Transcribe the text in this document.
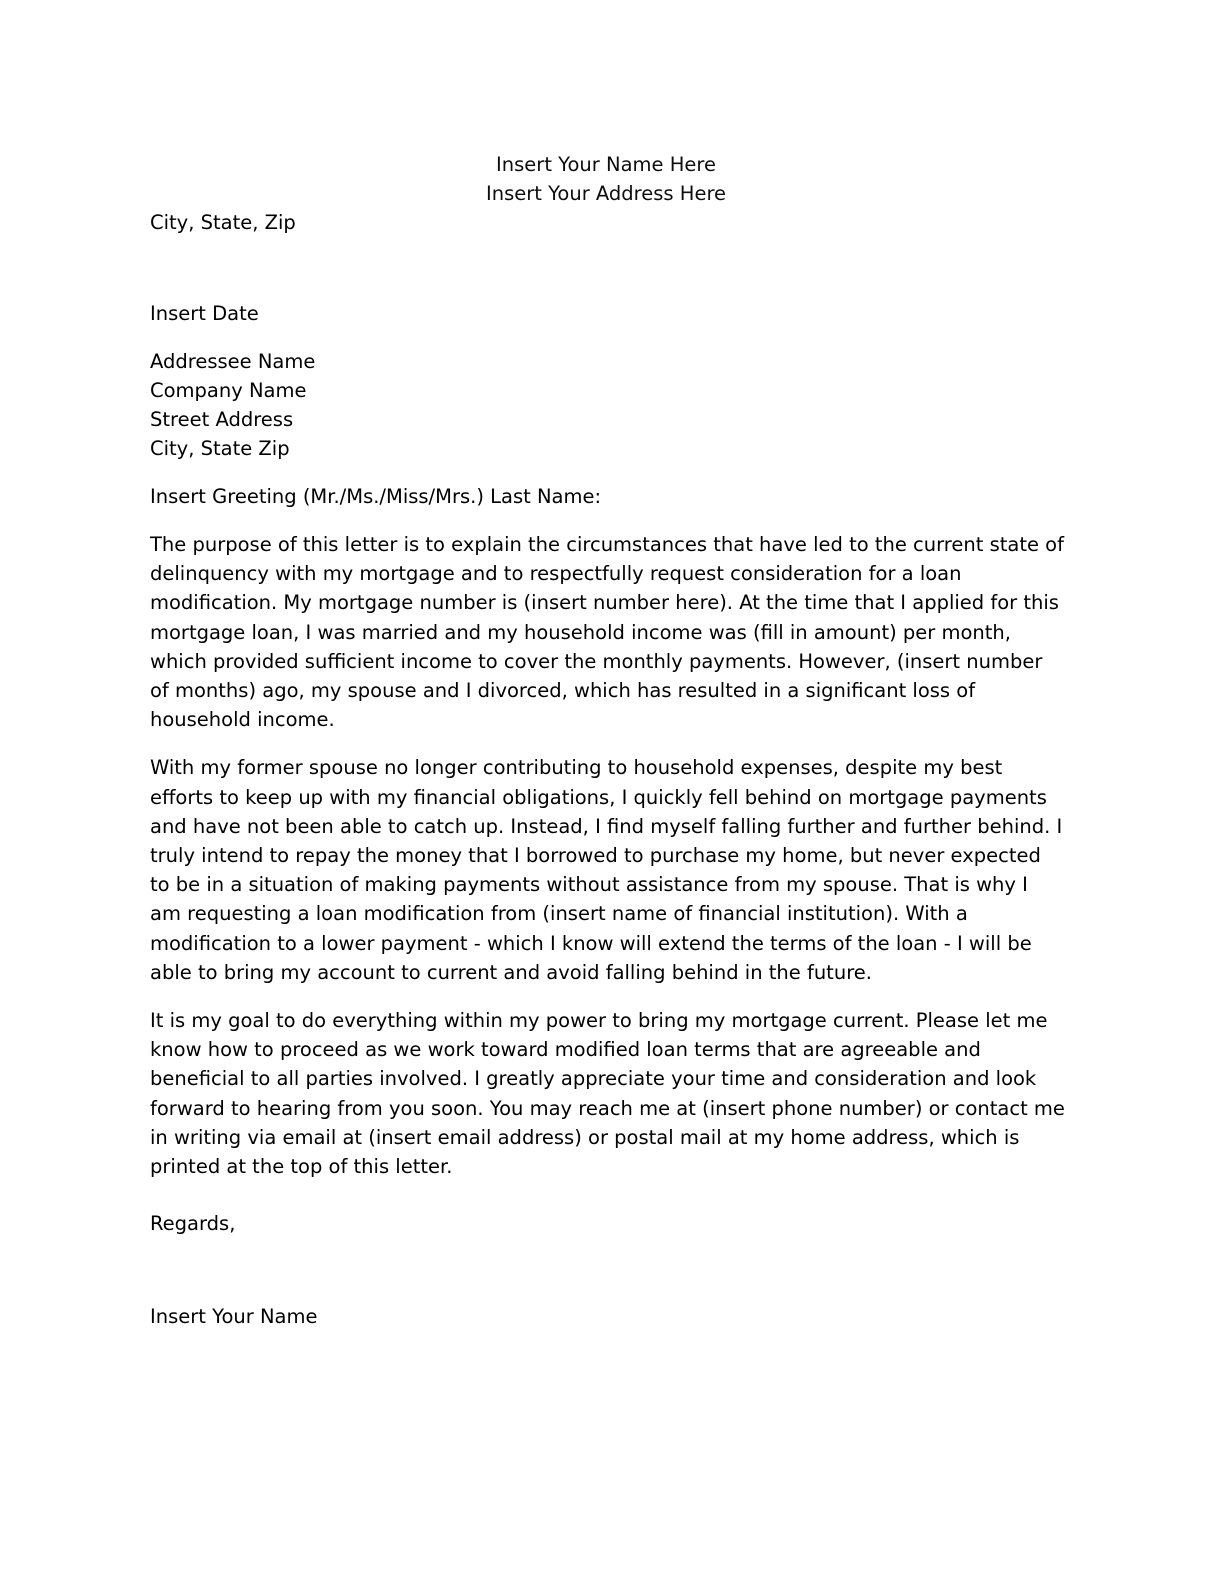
Insert Your Name Here
Insert Your Address Here
City, State, Zip
Insert Date
Addressee Name
Company Name
Street Address
City, State Zip
Insert Greeting (Mr./Ms./Miss/Mrs.) Last Name:

The purpose of this letter is to explain the circumstances that have led to the current state of delinquency with my mortgage and to respectfully request consideration for a loan modification. My mortgage number is (insert number here). At the time that I applied for this mortgage loan, I was married and my household income was (fill in amount) per month, which provided sufficient income to cover the monthly payments. However, (insert number of months) ago, my spouse and I divorced, which has resulted in a significant loss of household income.

With my former spouse no longer contributing to household expenses, despite my best efforts to keep up with my financial obligations, I quickly fell behind on mortgage payments and have not been able to catch up. Instead, I find myself falling further and further behind. I truly intend to repay the money that I borrowed to purchase my home, but never expected to be in a situation of making payments without assistance from my spouse. That is why I am requesting a loan modification from (insert name of financial institution). With a modification to a lower payment - which I know will extend the terms of the loan - I will be able to bring my account to current and avoid falling behind in the future.

It is my goal to do everything within my power to bring my mortgage current. Please let me know how to proceed as we work toward modified loan terms that are agreeable and beneficial to all parties involved. I greatly appreciate your time and consideration and look forward to hearing from you soon. You may reach me at (insert phone number) or contact me in writing via email at (insert email address) or postal mail at my home address, which is printed at the top of this letter.

Regards,
Insert Your Name
